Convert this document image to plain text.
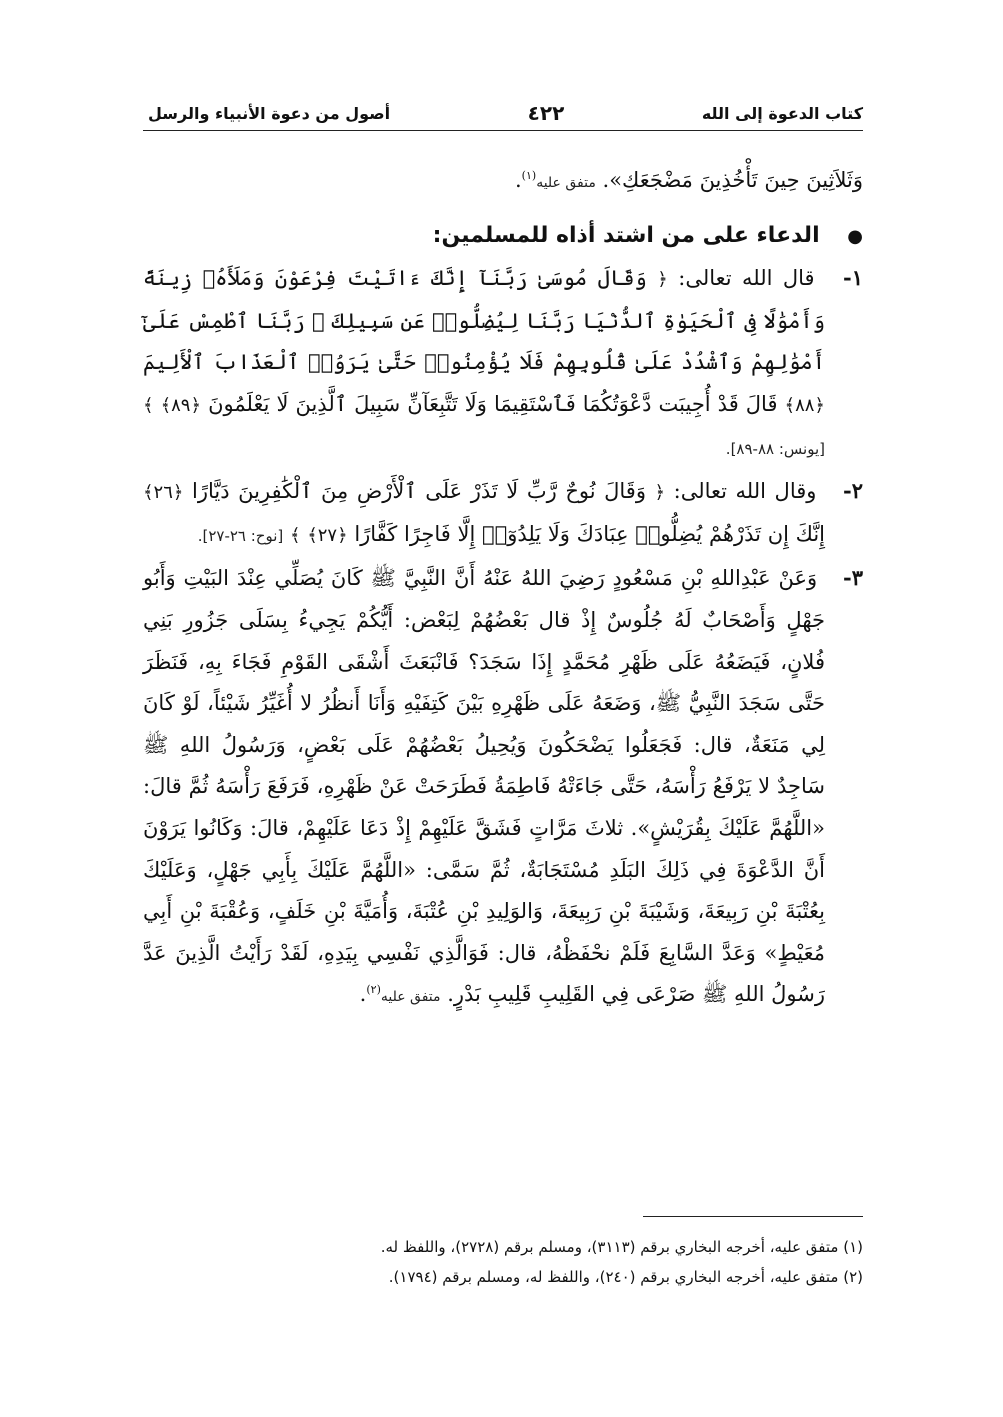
كتاب الدعوة إلى الله
٤٢٢
أصول من دعوة الأنبياء والرسل

وَثَلاَثِينَ حِينَ تَأْخُذِينَ مَضْجَعَكِ». متفق عليه$^{(١)}$.

● الدعاء على من اشتد أذاه للمسلمين:

١- قال الله تعالى: ﴿ وَقَالَ مُوسَىٰ رَبَّنَآ إِنَّكَ ءَاتَيْتَ فِرْعَوْنَ وَمَلَأَهُۥ زِينَةً وَأَمْوَٰلًا فِى ٱلْحَيَوٰةِ ٱلدُّنْيَا رَبَّنَا لِيُضِلُّوا۟ عَن سَبِيلِكَ ۖ رَبَّنَا ٱطْمِسْ عَلَىٰٓ أَمْوَٰلِهِمْ وَٱشْدُدْ عَلَىٰ قُلُوبِهِمْ فَلَا يُؤْمِنُوا۟ حَتَّىٰ يَرَوُا۟ ٱلْعَذَابَ ٱلْأَلِيمَ ﴿٨٨﴾ قَالَ قَدْ أُجِيبَت دَّعْوَتُكُمَا فَٱسْتَقِيمَا وَلَا تَتَّبِعَآنِّ سَبِيلَ ٱلَّذِينَ لَا يَعْلَمُونَ ﴿٨٩﴾ ﴾ [يونس: ٨٨-٨٩].

٢- وقال الله تعالى: ﴿ وَقَالَ نُوحٌ رَّبِّ لَا تَذَرْ عَلَى ٱلْأَرْضِ مِنَ ٱلْكَٰفِرِينَ دَيَّارًا ﴿٢٦﴾ إِنَّكَ إِن تَذَرْهُمْ يُضِلُّوا۟ عِبَادَكَ وَلَا يَلِدُوٓا۟ إِلَّا فَاجِرًا كَفَّارًا ﴿٢٧﴾ ﴾ [نوح: ٢٦-٢٧].

٣- وَعَنْ عَبْدِاللهِ بْنِ مَسْعُودٍ رَضِيَ اللهُ عَنْهُ أَنَّ النَّبِيَّ ﷺ كَانَ يُصَلِّي عِنْدَ البَيْتِ وَأَبُو جَهْلٍ وَأَصْحَابٌ لَهُ جُلُوسٌ إِذْ قال بَعْضُهُمْ لِبَعْض: أَيُّكُمْ يَجِيءُ بِسَلَى جَزُورِ بَنِي فُلانٍ، فَيَضَعُهُ عَلَى ظَهْرِ مُحَمَّدٍ إِذَا سَجَدَ؟ فَانْبَعَثَ أَشْقَى القَوْمِ فَجَاءَ بِهِ، فَنَظَرَ حَتَّى سَجَدَ النَّبِيُّ ﷺ، وَضَعَهُ عَلَى ظَهْرِهِ بَيْنَ كَتِفَيْهِ وَأَنَا أَنظُرُ لا أُغَيِّرُ شَيْئاً، لَوْ كَانَ لِي مَنَعَةٌ، قال: فَجَعَلُوا يَضْحَكُونَ وَيُحِيلُ بَعْضُهُمْ عَلَى بَعْضٍ، وَرَسُولُ اللهِ ﷺ سَاجِدٌ لا يَرْفَعُ رَأْسَهُ، حَتَّى جَاءَتْهُ فَاطِمَةُ فَطَرَحَتْ عَنْ ظَهْرِهِ، فَرَفَعَ رَأْسَهُ ثُمَّ قالَ: «اللَّهُمَّ عَلَيْكَ بِقُرَيْشٍ». ثلاثَ مَرَّاتٍ فَشَقَّ عَلَيْهِمْ إِذْ دَعَا عَلَيْهِمْ، قالَ: وَكَانُوا يَرَوْنَ أَنَّ الدَّعْوَةَ فِي ذَلِكَ البَلَدِ مُسْتَجَابَةٌ، ثُمَّ سَمَّى: «اللَّهُمَّ عَلَيْكَ بِأَبِي جَهْلٍ، وَعَلَيْكَ بِعُتْبَةَ بْنِ رَبِيعَةَ، وَشَيْبَةَ بْنِ رَبِيعَةَ، وَالوَلِيدِ بْنِ عُتْبَةَ، وَأُمَيَّةَ بْنِ خَلَفٍ، وَعُقْبَةَ بْنِ أَبِي مُعَيْطٍ» وَعَدَّ السَّابِعَ فَلَمْ نحْفَظْهُ، قال: فَوَالَّذِي نَفْسِي بِيَدِهِ، لَقَدْ رَأَيْتُ الَّذِينَ عَدَّ رَسُولُ اللهِ ﷺ صَرْعَى فِي القَلِيبِ قَلِيبِ بَدْرٍ. متفق عليه$^{(٢)}$.

(١) متفق عليه، أخرجه البخاري برقم (٣١١٣)، ومسلم برقم (٢٧٢٨)، واللفظ له.

(٢) متفق عليه، أخرجه البخاري برقم (٢٤٠)، واللفظ له، ومسلم برقم (١٧٩٤).
